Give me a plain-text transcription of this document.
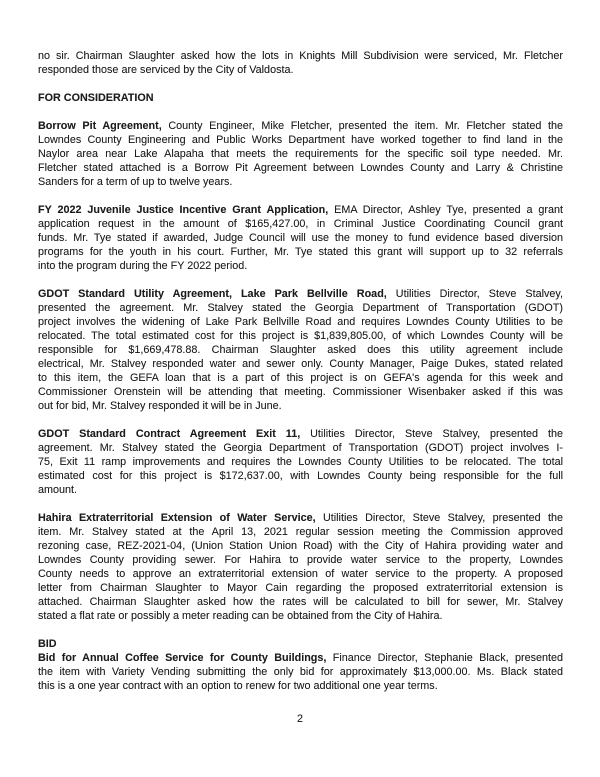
no sir. Chairman Slaughter asked how the lots in Knights Mill Subdivision were serviced, Mr. Fletcher
responded those are serviced by the City of Valdosta.
FOR CONSIDERATION
Borrow Pit Agreement, County Engineer, Mike Fletcher, presented the item. Mr. Fletcher stated the
Lowndes County Engineering and Public Works Department have worked together to find land in the
Naylor area near Lake Alapaha that meets the requirements for the specific soil type needed. Mr.
Fletcher stated attached is a Borrow Pit Agreement between Lowndes County and Larry & Christine
Sanders for a term of up to twelve years.
FY 2022 Juvenile Justice Incentive Grant Application, EMA Director, Ashley Tye, presented a grant
application request in the amount of $165,427.00, in Criminal Justice Coordinating Council grant
funds. Mr. Tye stated if awarded, Judge Council will use the money to fund evidence based diversion
programs for the youth in his court. Further, Mr. Tye stated this grant will support up to 32 referrals
into the program during the FY 2022 period.
GDOT Standard Utility Agreement, Lake Park Bellville Road, Utilities Director, Steve Stalvey,
presented the agreement. Mr. Stalvey stated the Georgia Department of Transportation (GDOT)
project involves the widening of Lake Park Bellville Road and requires Lowndes County Utilities to be
relocated. The total estimated cost for this project is $1,839,805.00, of which Lowndes County will be
responsible for $1,669,478.88. Chairman Slaughter asked does this utility agreement include
electrical, Mr. Stalvey responded water and sewer only. County Manager, Paige Dukes, stated related
to this item, the GEFA loan that is a part of this project is on GEFA's agenda for this week and
Commissioner Orenstein will be attending that meeting. Commissioner Wisenbaker asked if this was
out for bid, Mr. Stalvey responded it will be in June.
GDOT Standard Contract Agreement Exit 11, Utilities Director, Steve Stalvey, presented the
agreement. Mr. Stalvey stated the Georgia Department of Transportation (GDOT) project involves I-
75, Exit 11 ramp improvements and requires the Lowndes County Utilities to be relocated. The total
estimated cost for this project is $172,637.00, with Lowndes County being responsible for the full
amount.
Hahira Extraterritorial Extension of Water Service, Utilities Director, Steve Stalvey, presented the
item. Mr. Stalvey stated at the April 13, 2021 regular session meeting the Commission approved
rezoning case, REZ-2021-04, (Union Station Union Road) with the City of Hahira providing water and
Lowndes County providing sewer. For Hahira to provide water service to the property, Lowndes
County needs to approve an extraterritorial extension of water service to the property. A proposed
letter from Chairman Slaughter to Mayor Cain regarding the proposed extraterritorial extension is
attached. Chairman Slaughter asked how the rates will be calculated to bill for sewer, Mr. Stalvey
stated a flat rate or possibly a meter reading can be obtained from the City of Hahira.
BID
Bid for Annual Coffee Service for County Buildings, Finance Director, Stephanie Black, presented
the item with Variety Vending submitting the only bid for approximately $13,000.00. Ms. Black stated
this is a one year contract with an option to renew for two additional one year terms.
2
